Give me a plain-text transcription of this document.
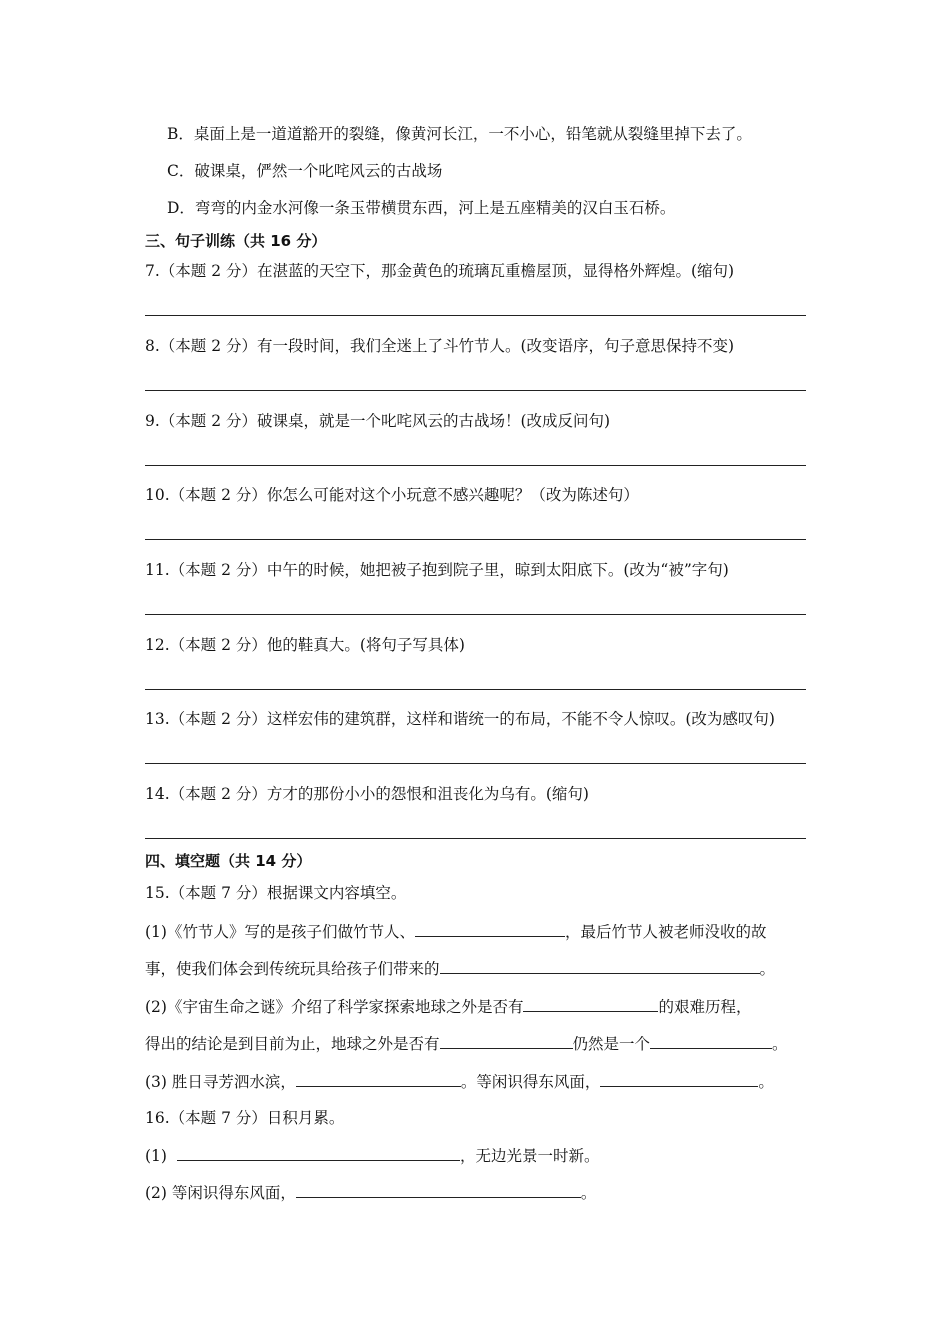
B．桌面上是一道道豁开的裂缝，像黄河长江，一不小心，铅笔就从裂缝里掉下去了。
C．破课桌，俨然一个叱咤风云的古战场
D．弯弯的内金水河像一条玉带横贯东西，河上是五座精美的汉白玉石桥。
三、句子训练（共 16 分）
7.（本题 2 分）在湛蓝的天空下，那金黄色的琉璃瓦重檐屋顶，显得格外辉煌。(缩句)
8.（本题 2 分）有一段时间，我们全迷上了斗竹节人。(改变语序，句子意思保持不变)
9.（本题 2 分）破课桌，就是一个叱咤风云的古战场！(改成反问句)
10.（本题 2 分）你怎么可能对这个小玩意不感兴趣呢？（改为陈述句）
11.（本题 2 分）中午的时候，她把被子抱到院子里，晾到太阳底下。(改为“被”字句)
12.（本题 2 分）他的鞋真大。(将句子写具体)
13.（本题 2 分）这样宏伟的建筑群，这样和谐统一的布局，不能不令人惊叹。(改为感叹句)
14.（本题 2 分）方才的那份小小的怨恨和沮丧化为乌有。(缩句)
四、填空题（共 14 分）
15.（本题 7 分）根据课文内容填空。
(1)《竹节人》写的是孩子们做竹节人、	，最后竹节人被老师没收的故
事，使我们体会到传统玩具给孩子们带来的	。
(2)《宇宙生命之谜》介绍了科学家探索地球之外是否有	的艰难历程，
得出的结论是到目前为止，地球之外是否有	仍然是一个	。
(3) 胜日寻芳泗水滨，	。等闲识得东风面，	。
16.（本题 7 分）日积月累。
(1)	，无边光景一时新。
(2) 等闲识得东风面，	。
